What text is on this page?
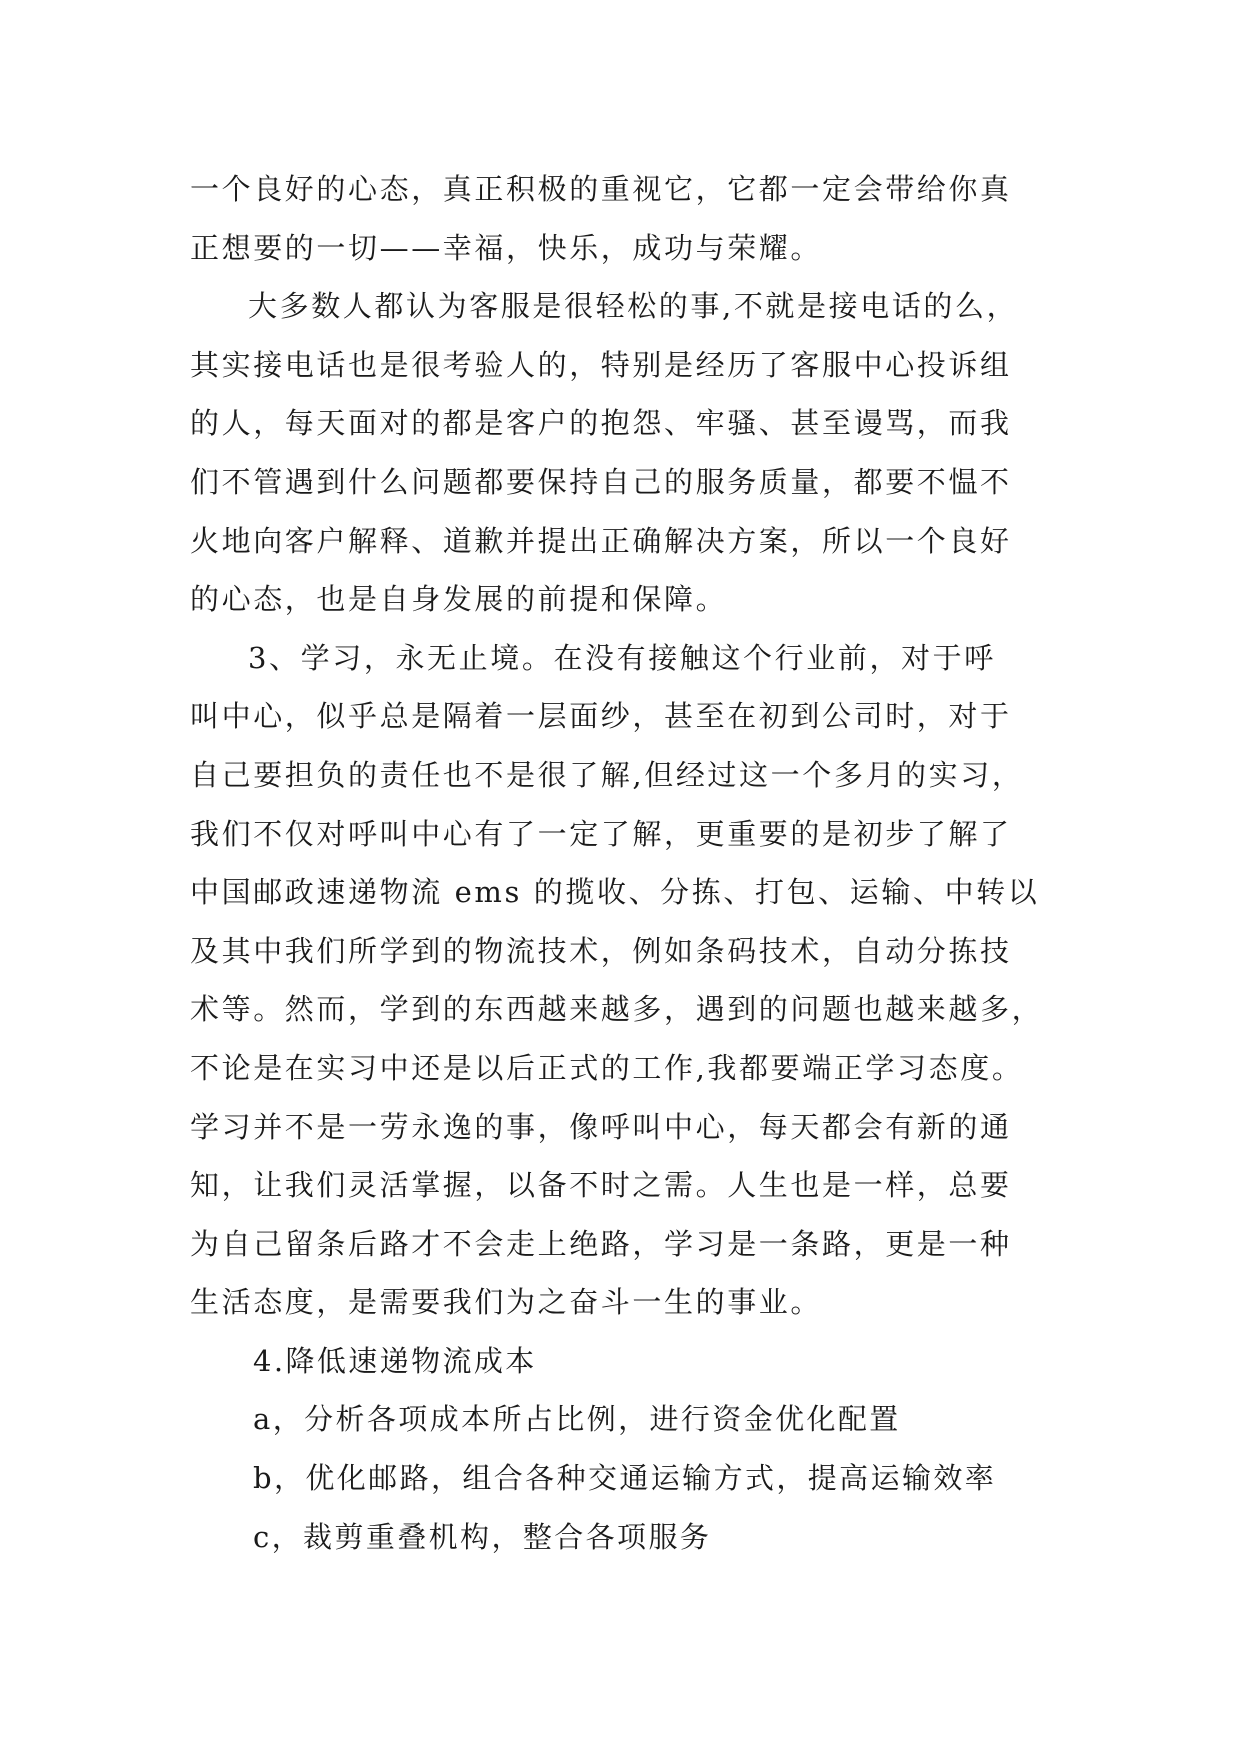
一个良好的心态，真正积极的重视它，它都一定会带给你真
正想要的一切——幸福，快乐，成功与荣耀。
大多数人都认为客服是很轻松的事,不就是接电话的么，
其实接电话也是很考验人的，特别是经历了客服中心投诉组
的人，每天面对的都是客户的抱怨、牢骚、甚至谩骂，而我
们不管遇到什么问题都要保持自己的服务质量，都要不愠不
火地向客户解释、道歉并提出正确解决方案，所以一个良好
的心态，也是自身发展的前提和保障。
3、学习，永无止境。在没有接触这个行业前，对于呼
叫中心，似乎总是隔着一层面纱，甚至在初到公司时，对于
自己要担负的责任也不是很了解,但经过这一个多月的实习，
我们不仅对呼叫中心有了一定了解，更重要的是初步了解了
中国邮政速递物流 ems 的揽收、分拣、打包、运输、中转以
及其中我们所学到的物流技术，例如条码技术，自动分拣技
术等。然而，学到的东西越来越多，遇到的问题也越来越多，
不论是在实习中还是以后正式的工作,我都要端正学习态度。
学习并不是一劳永逸的事，像呼叫中心，每天都会有新的通
知，让我们灵活掌握，以备不时之需。人生也是一样，总要
为自己留条后路才不会走上绝路，学习是一条路，更是一种
生活态度，是需要我们为之奋斗一生的事业。
4.降低速递物流成本
a，分析各项成本所占比例，进行资金优化配置
b，优化邮路，组合各种交通运输方式，提高运输效率
c，裁剪重叠机构，整合各项服务
